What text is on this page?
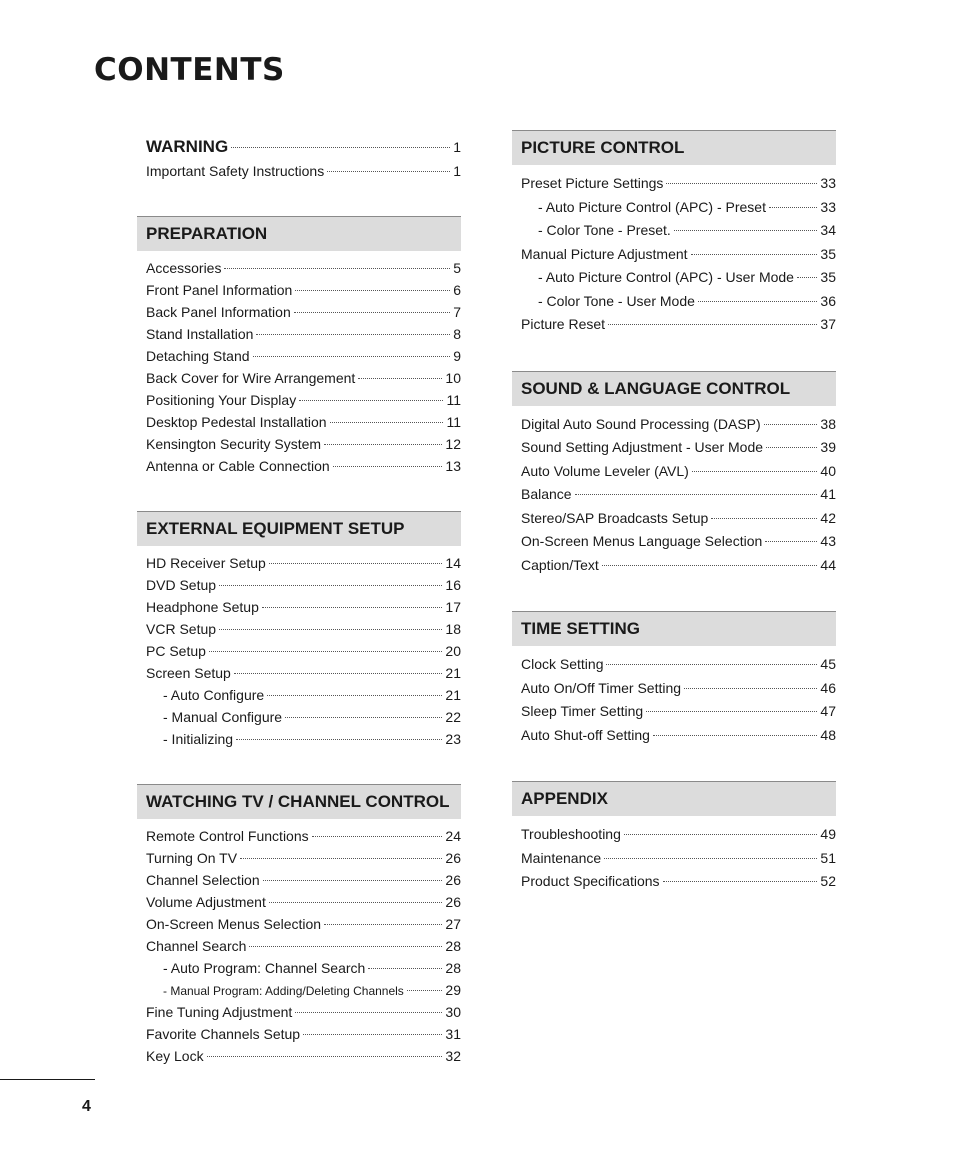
CONTENTS
WARNING	1
Important Safety Instructions	1
PREPARATION
Accessories	5
Front Panel Information	6
Back Panel Information	7
Stand Installation	8
Detaching Stand	9
Back Cover for Wire Arrangement	10
Positioning Your Display	11
Desktop Pedestal Installation	11
Kensington Security System	12
Antenna or Cable Connection	13
EXTERNAL EQUIPMENT SETUP
HD Receiver Setup	14
DVD Setup	16
Headphone Setup	17
VCR Setup	18
PC Setup	20
Screen Setup	21
- Auto Configure	21
- Manual Configure	22
- Initializing	23
WATCHING TV / CHANNEL CONTROL
Remote Control Functions	24
Turning On TV	26
Channel Selection	26
Volume Adjustment	26
On-Screen Menus Selection	27
Channel Search	28
- Auto Program: Channel Search	28
- Manual Program: Adding/Deleting Channels	29
Fine Tuning Adjustment	30
Favorite Channels Setup	31
Key Lock	32
PICTURE CONTROL
Preset Picture Settings	33
- Auto Picture Control (APC) - Preset	33
- Color Tone - Preset.	34
Manual Picture Adjustment	35
- Auto Picture Control (APC) - User Mode 35
- Color Tone - User Mode	36
Picture Reset	37
SOUND & LANGUAGE CONTROL
Digital Auto Sound Processing (DASP)	38
Sound Setting Adjustment - User Mode	39
Auto Volume Leveler (AVL)	40
Balance	41
Stereo/SAP Broadcasts Setup	42
On-Screen Menus Language Selection	43
Caption/Text	44
TIME SETTING
Clock Setting	45
Auto On/Off Timer Setting	46
Sleep Timer Setting	47
Auto Shut-off Setting	48
APPENDIX
Troubleshooting	49
Maintenance	51
Product Specifications	52
4
